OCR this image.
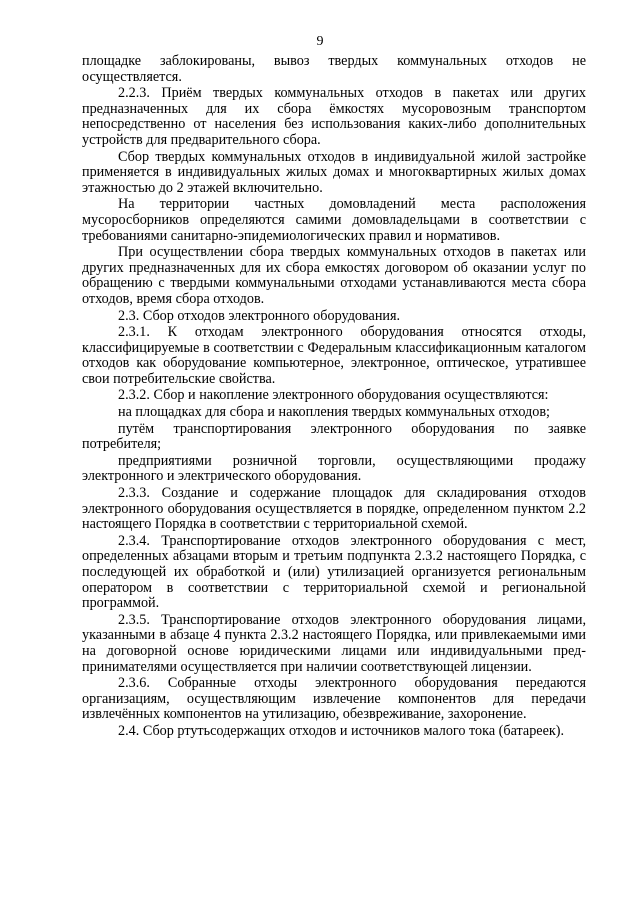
9

площадке заблокированы, вывоз твердых коммунальных отходов не осуществляется.

2.2.3. Приём твердых коммунальных отходов в пакетах или других предназначенных для их сбора ёмкостях мусоровозным транспортом непосредственно от населения без использования каких-либо дополнительных устройств для предварительного сбора.

Сбор твердых коммунальных отходов в индивидуальной жилой застройке применяется в индивидуальных жилых домах и многоквартирных жилых домах этажностью до 2 этажей включительно.

На территории частных домовладений места расположения мусоросборников определяются самими домовладельцами в соответствии с требованиями санитарно-эпидемиологических правил и нормативов.

При осуществлении сбора твердых коммунальных отходов в пакетах или других предназначенных для их сбора емкостях договором об оказании услуг по обращению с твердыми коммунальными отходами устанавливаются места сбора отходов, время сбора отходов.

2.3. Сбор отходов электронного оборудования.

2.3.1. К отходам электронного оборудования относятся отходы, классифицируемые в соответствии с Федеральным классификационным каталогом отходов как оборудование компьютерное, электронное, оптическое, утратившее свои потребительские свойства.

2.3.2. Сбор и накопление электронного оборудования осуществляются:

на площадках для сбора и накопления твердых коммунальных отходов;

путём транспортирования электронного оборудования по заявке потребителя;

предприятиями розничной торговли, осуществляющими продажу электронного и электрического оборудования.

2.3.3. Создание и содержание площадок для складирования отходов электронного оборудования осуществляется в порядке, определенном пунктом 2.2 настоящего Порядка в соответствии с территориальной схемой.

2.3.4. Транспортирование отходов электронного оборудования с мест, определенных абзацами вторым и третьим подпункта 2.3.2 настоящего Порядка, с последующей их обработкой и (или) утилизацией организуется региональным оператором в соответствии с территориальной схемой и региональной программой.

2.3.5. Транспортирование отходов электронного оборудования лицами, указанными в абзаце 4 пункта 2.3.2 настоящего Порядка, или привлекаемыми ими на договорной основе юридическими лицами или индивидуальными пред-принимателями осуществляется при наличии соответствующей лицензии.

2.3.6. Собранные отходы электронного оборудования передаются организациям, осуществляющим извлечение компонентов для передачи извлечённых компонентов на утилизацию, обезвреживание, захоронение.

2.4. Сбор ртутьсодержащих отходов и источников малого тока (батареек).
